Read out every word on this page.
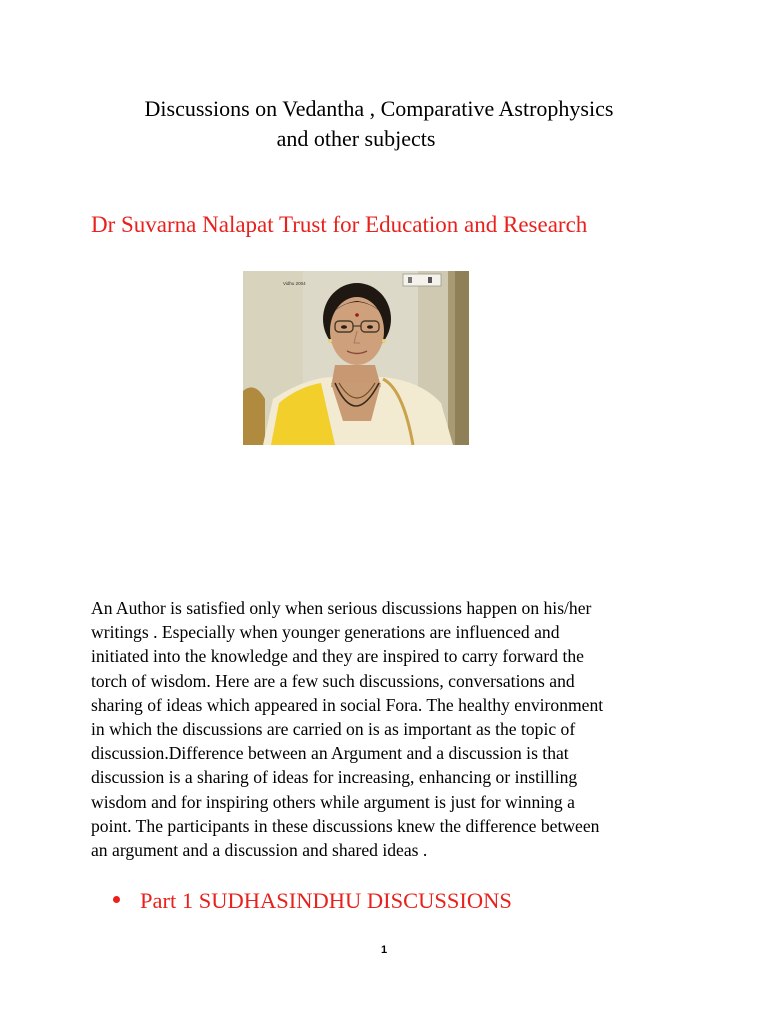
Discussions on Vedantha , Comparative Astrophysics
and other subjects
Dr Suvarna Nalapat Trust for Education and Research
Vidhu 2004
An Author is satisfied only when serious discussions happen on his/her
writings . Especially when younger generations are influenced and
initiated into the knowledge and they are inspired to carry forward the
torch of wisdom. Here are a few such discussions, conversations and
sharing of ideas which appeared in social Fora. The healthy environment
in which the discussions are carried on is as important as the topic of
discussion.Difference between an Argument and a discussion is that
discussion is a sharing of ideas for increasing, enhancing or instilling
wisdom and for inspiring others while argument is just for winning a
point. The participants in these discussions knew the difference between
an argument and a discussion and shared ideas .
Part 1 SUDHASINDHU DISCUSSIONS
1
